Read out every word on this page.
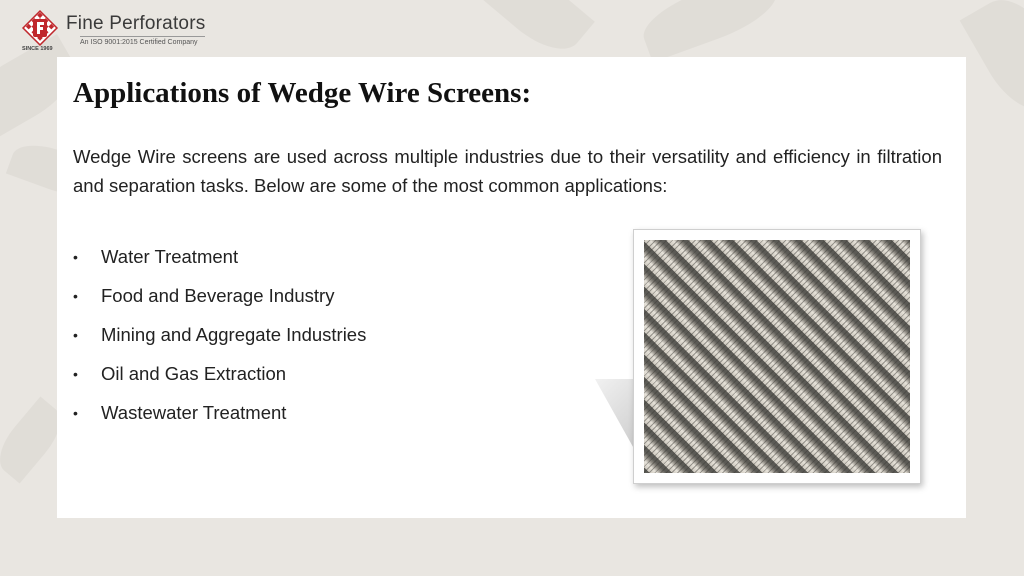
SINCE 1969
Fine Perforators
An ISO 9001:2015 Certified Company
Applications of Wedge Wire Screens:

Wedge Wire screens are used across multiple industries due to their versatility and efficiency in filtration and separation tasks. Below are some of the most common applications:

•	Water Treatment
•	Food and Beverage Industry
•	Mining and Aggregate Industries
•	Oil and Gas Extraction
•	Wastewater Treatment
